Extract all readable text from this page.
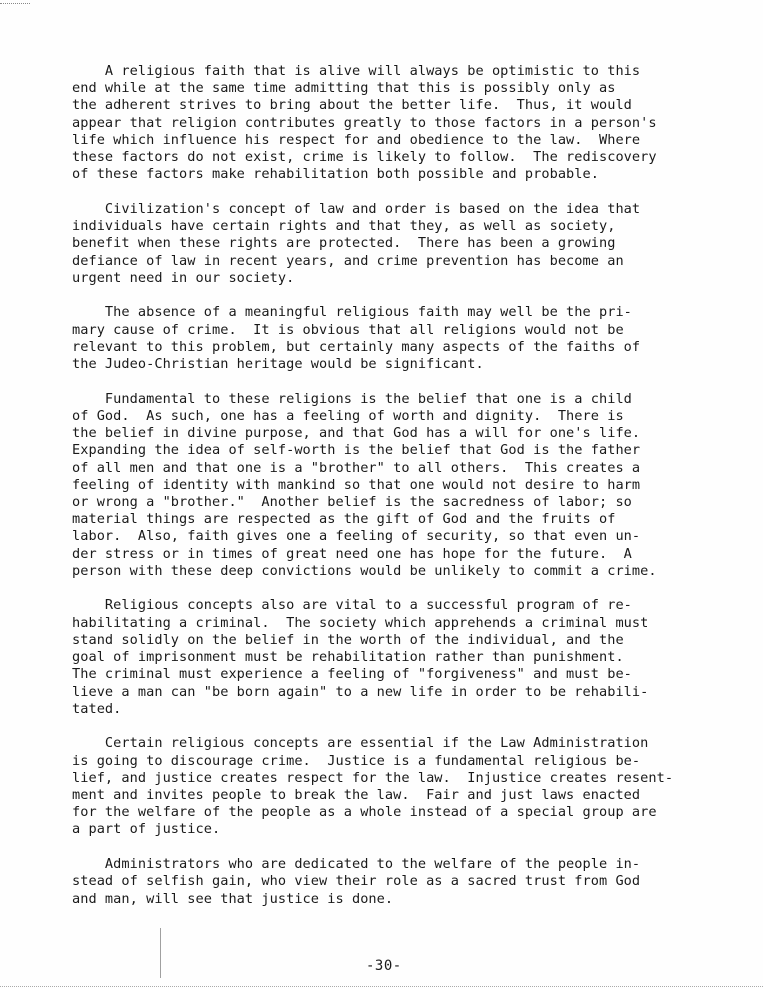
A religious faith that is alive will always be optimistic to this
end while at the same time admitting that this is possibly only as
the adherent strives to bring about the better life.  Thus, it would
appear that religion contributes greatly to those factors in a person's
life which influence his respect for and obedience to the law.  Where
these factors do not exist, crime is likely to follow.  The rediscovery
of these factors make rehabilitation both possible and probable.
Civilization's concept of law and order is based on the idea that
individuals have certain rights and that they, as well as society,
benefit when these rights are protected.  There has been a growing
defiance of law in recent years, and crime prevention has become an
urgent need in our society.
The absence of a meaningful religious faith may well be the pri-
mary cause of crime.  It is obvious that all religions would not be
relevant to this problem, but certainly many aspects of the faiths of
the Judeo-Christian heritage would be significant.
Fundamental to these religions is the belief that one is a child
of God.  As such, one has a feeling of worth and dignity.  There is
the belief in divine purpose, and that God has a will for one's life.
Expanding the idea of self-worth is the belief that God is the father
of all men and that one is a "brother" to all others.  This creates a
feeling of identity with mankind so that one would not desire to harm
or wrong a "brother."  Another belief is the sacredness of labor; so
material things are respected as the gift of God and the fruits of
labor.  Also, faith gives one a feeling of security, so that even un-
der stress or in times of great need one has hope for the future.  A
person with these deep convictions would be unlikely to commit a crime.
Religious concepts also are vital to a successful program of re-
habilitating a criminal.  The society which apprehends a criminal must
stand solidly on the belief in the worth of the individual, and the
goal of imprisonment must be rehabilitation rather than punishment.
The criminal must experience a feeling of "forgiveness" and must be-
lieve a man can "be born again" to a new life in order to be rehabili-
tated.
Certain religious concepts are essential if the Law Administration
is going to discourage crime.  Justice is a fundamental religious be-
lief, and justice creates respect for the law.  Injustice creates resent-
ment and invites people to break the law.  Fair and just laws enacted
for the welfare of the people as a whole instead of a special group are
a part of justice.
Administrators who are dedicated to the welfare of the people in-
stead of selfish gain, who view their role as a sacred trust from God
and man, will see that justice is done.
-30-
